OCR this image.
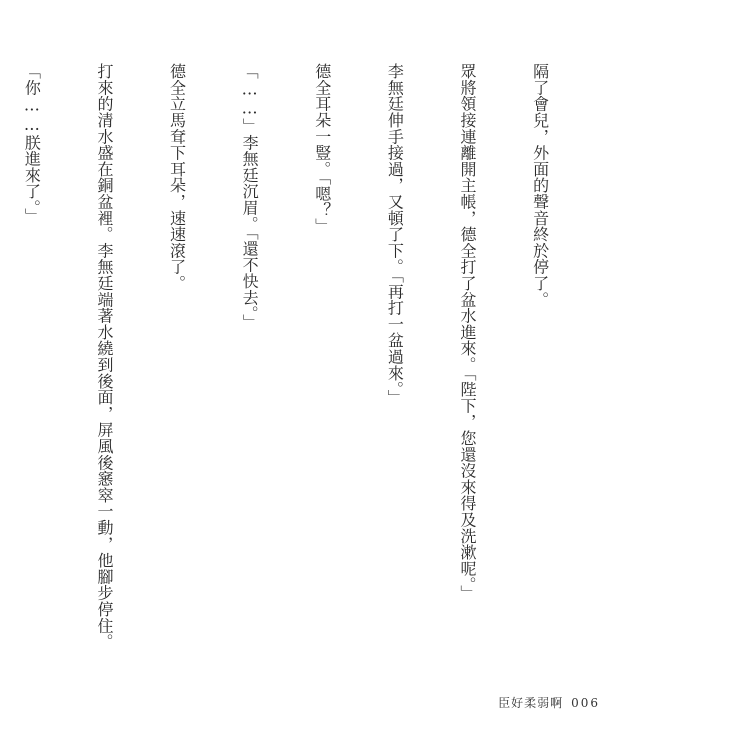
隔了會兒，外面的聲音終於停了。

眾將領接連離開主帳，德全打了盆水進來。「陛下，您還沒來得及洗漱呢。」

李無廷伸手接過，又頓了下。「再打一盆過來。」

德全耳朵一豎。「嗯？」

「……」李無廷沉眉。「還不快去。」

德全立馬耷下耳朵，速速滾了。

打來的清水盛在銅盆裡。李無廷端著水繞到後面，屏風後窸窣一動，他腳步停住。

「你……朕進來了。」

臣好柔弱啊 006
